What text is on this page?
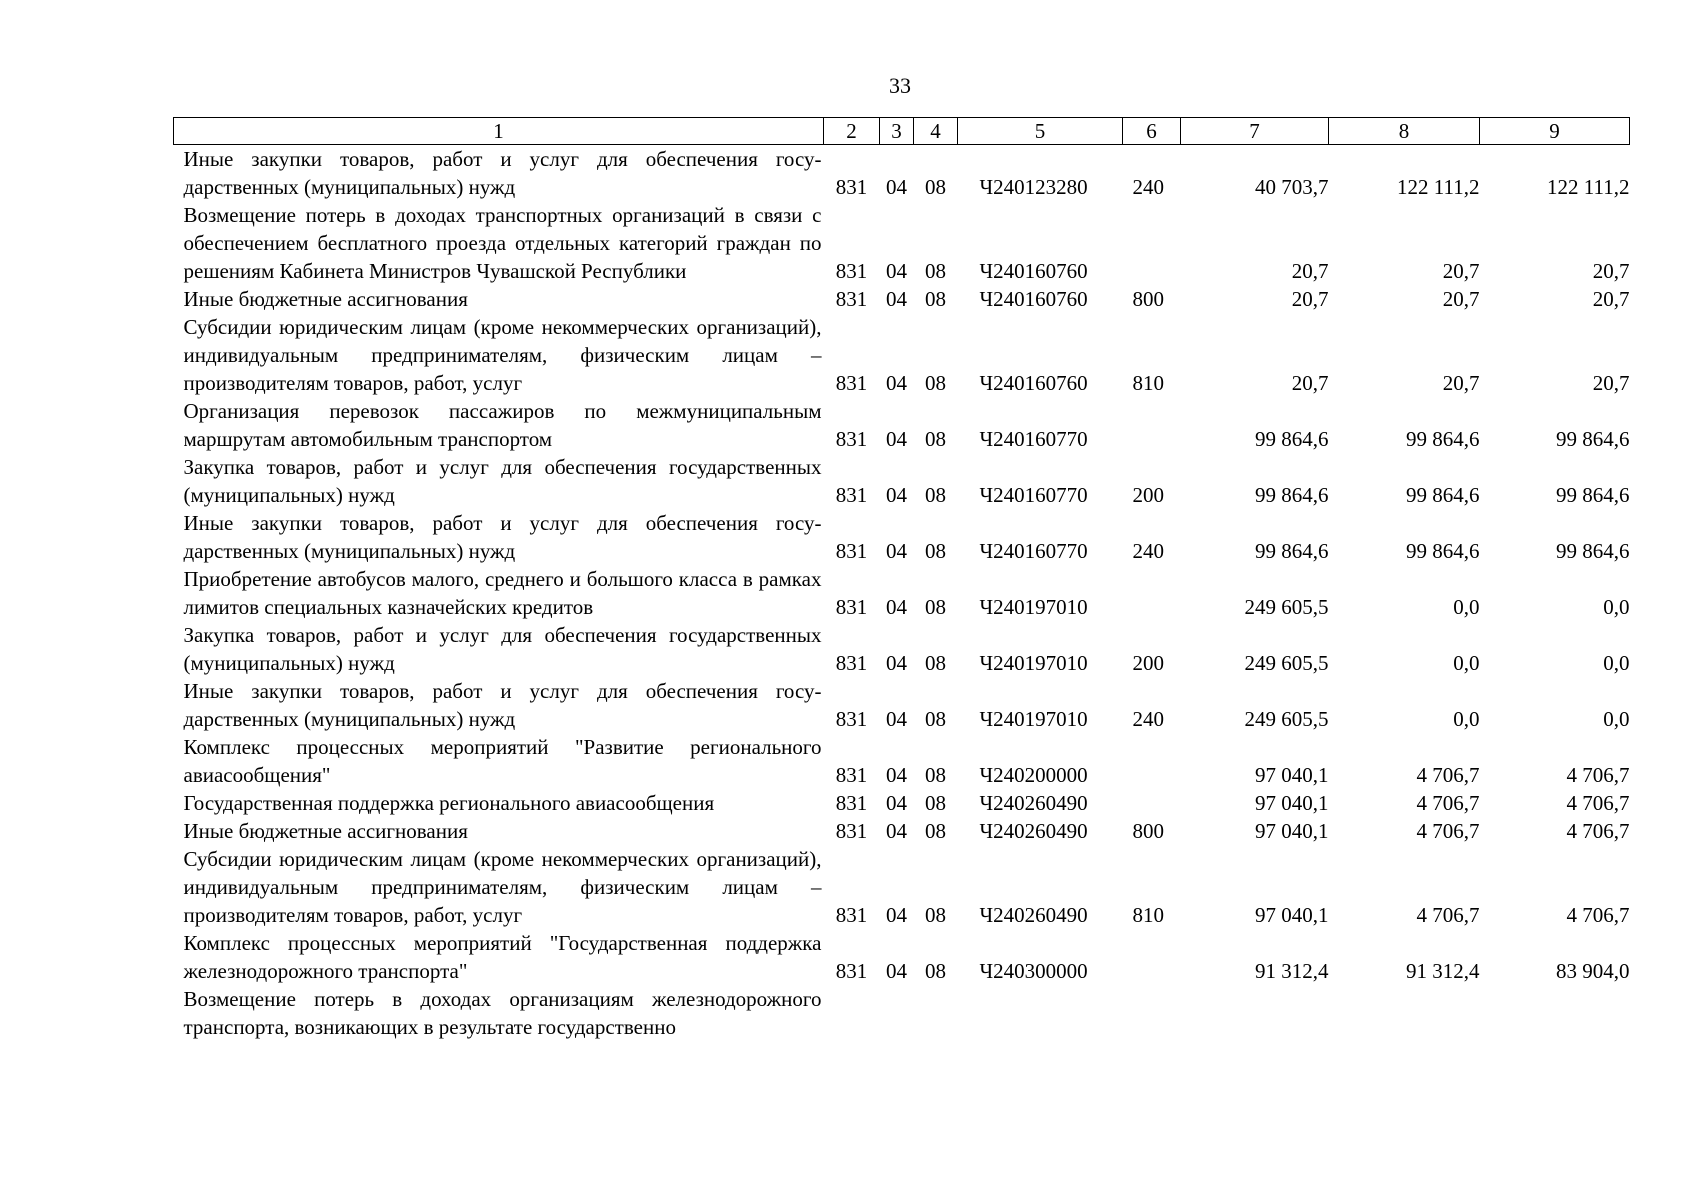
33
1	2	3	4	5	6	7	8	9
Иные закупки товаров, работ и услуг для обеспечения государственных (муниципальных) нужд	831	04	08	Ч240123280	240	40 703,7	122 111,2	122 111,2
Возмещение потерь в доходах транспортных организаций в связи с обеспечением бесплатного проезда отдельных категорий граждан по решениям Кабинета Министров Чувашской Республики	831	04	08	Ч240160760		20,7	20,7	20,7
Иные бюджетные ассигнования	831	04	08	Ч240160760	800	20,7	20,7	20,7
Субсидии юридическим лицам (кроме некоммерческих организаций), индивидуальным предпринимателям, физическим лицам – производителям товаров, работ, услуг	831	04	08	Ч240160760	810	20,7	20,7	20,7
Организация перевозок пассажиров по межмуниципальным маршрутам автомобильным транспортом	831	04	08	Ч240160770		99 864,6	99 864,6	99 864,6
Закупка товаров, работ и услуг для обеспечения государственных (муниципальных) нужд	831	04	08	Ч240160770	200	99 864,6	99 864,6	99 864,6
Иные закупки товаров, работ и услуг для обеспечения государственных (муниципальных) нужд	831	04	08	Ч240160770	240	99 864,6	99 864,6	99 864,6
Приобретение автобусов малого, среднего и большого класса в рамках лимитов специальных казначейских кредитов	831	04	08	Ч240197010		249 605,5	0,0	0,0
Закупка товаров, работ и услуг для обеспечения государственных (муниципальных) нужд	831	04	08	Ч240197010	200	249 605,5	0,0	0,0
Иные закупки товаров, работ и услуг для обеспечения государственных (муниципальных) нужд	831	04	08	Ч240197010	240	249 605,5	0,0	0,0
Комплекс процессных мероприятий "Развитие регионального авиасообщения"	831	04	08	Ч240200000		97 040,1	4 706,7	4 706,7
Государственная поддержка регионального авиасообщения	831	04	08	Ч240260490		97 040,1	4 706,7	4 706,7
Иные бюджетные ассигнования	831	04	08	Ч240260490	800	97 040,1	4 706,7	4 706,7
Субсидии юридическим лицам (кроме некоммерческих организаций), индивидуальным предпринимателям, физическим лицам – производителям товаров, работ, услуг	831	04	08	Ч240260490	810	97 040,1	4 706,7	4 706,7
Комплекс процессных мероприятий "Государственная поддержка железнодорожного транспорта"	831	04	08	Ч240300000		91 312,4	91 312,4	83 904,0
Возмещение потерь в доходах организациям железнодорожного транспорта, возникающих в результате государственно								
